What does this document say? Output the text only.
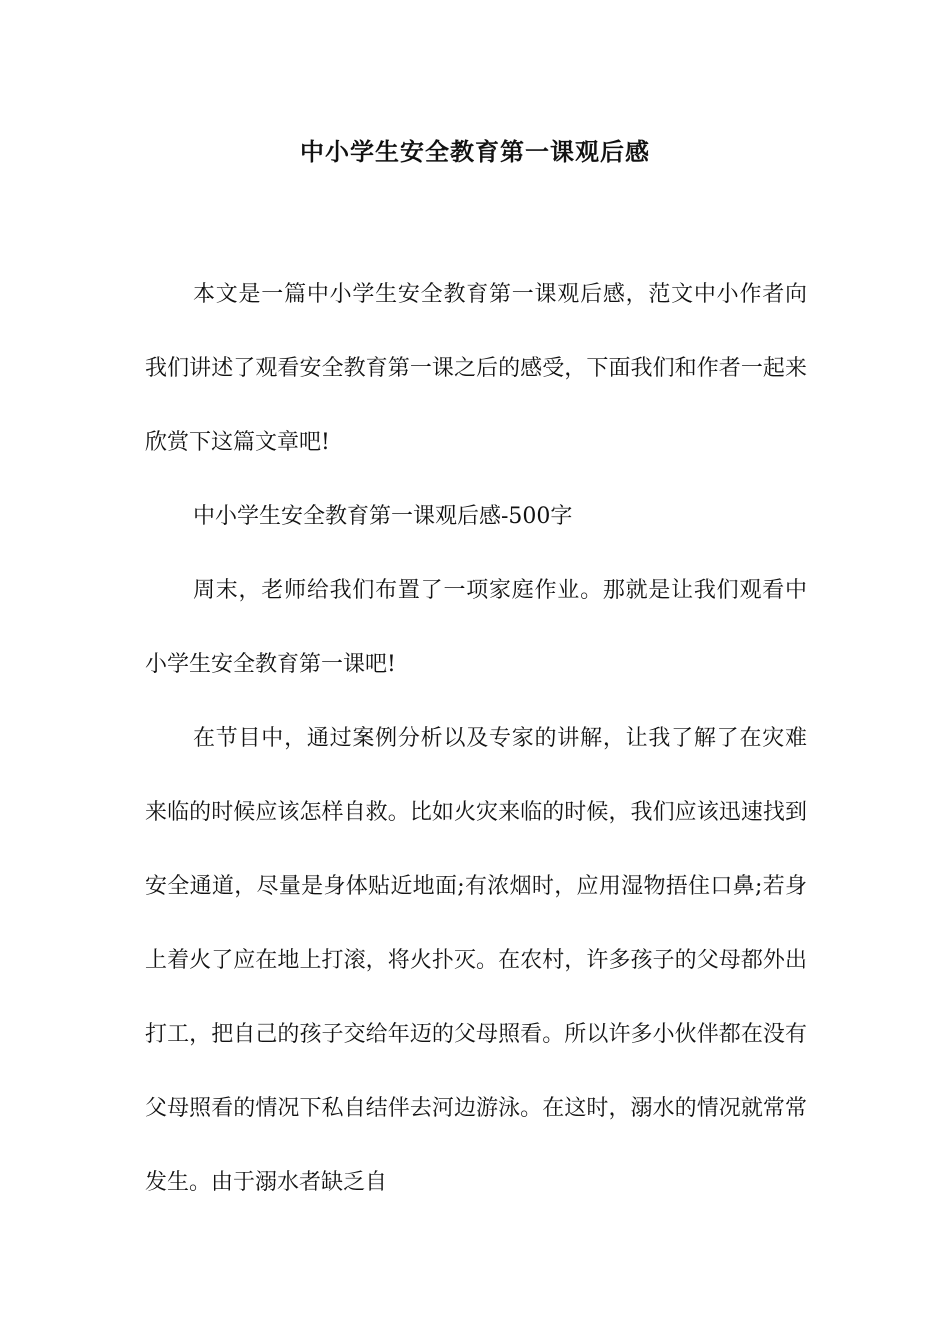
中小学生安全教育第一课观后感

本文是一篇中小学生安全教育第一课观后感，范文中小作者向我们讲述了观看安全教育第一课之后的感受，下面我们和作者一起来欣赏下这篇文章吧!

中小学生安全教育第一课观后感-500字

周末，老师给我们布置了一项家庭作业。那就是让我们观看中小学生安全教育第一课吧!

在节目中，通过案例分析以及专家的讲解，让我了解了在灾难来临的时候应该怎样自救。比如火灾来临的时候，我们应该迅速找到安全通道，尽量是身体贴近地面;有浓烟时，应用湿物捂住口鼻;若身上着火了应在地上打滚，将火扑灭。在农村，许多孩子的父母都外出打工，把自己的孩子交给年迈的父母照看。所以许多小伙伴都在没有父母照看的情况下私自结伴去河边游泳。在这时，溺水的情况就常常发生。由于溺水者缺乏自
